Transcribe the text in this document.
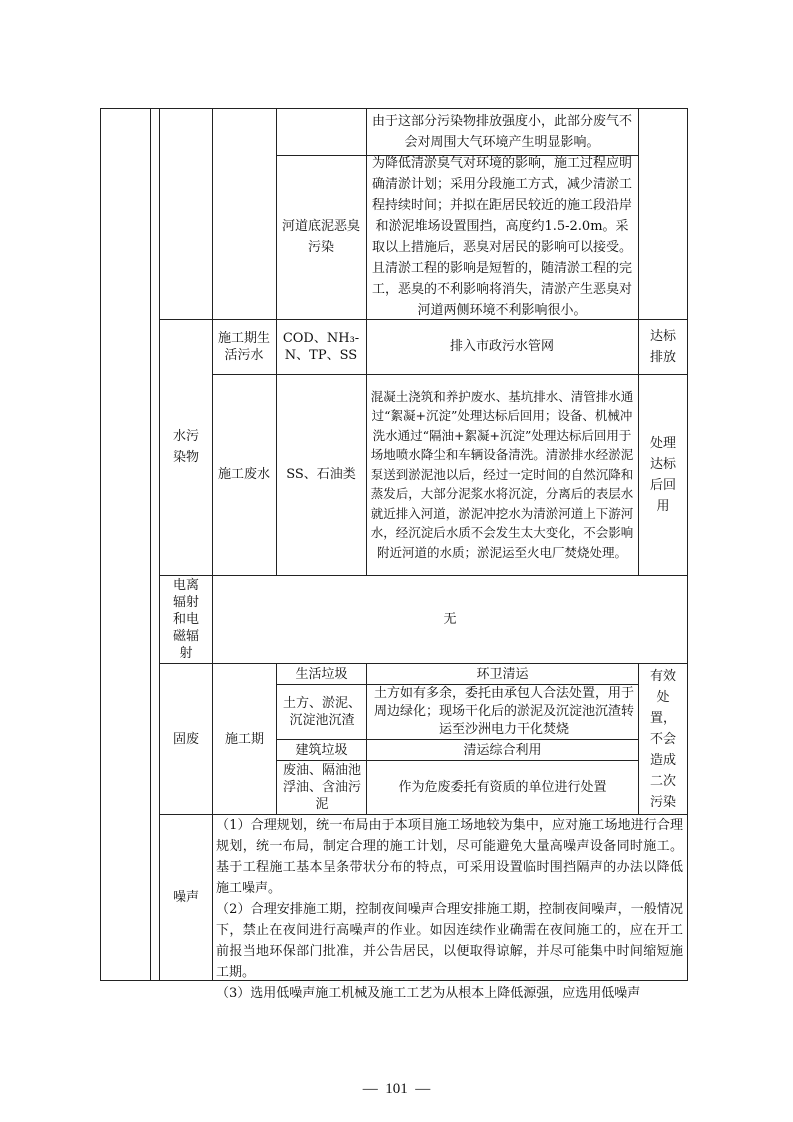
由于这部分污染物排放强度小，此部分废气不会对周围大气环境产生明显影响。
河道底泥恶臭污染
为降低清淤臭气对环境的影响，施工过程应明确清淤计划；采用分段施工方式，减少清淤工程持续时间；并拟在距居民较近的施工段沿岸和淤泥堆场设置围挡，高度约1.5-2.0m。采取以上措施后，恶臭对居民的影响可以接受。且清淤工程的影响是短暂的，随清淤工程的完工，恶臭的不利影响将消失，清淤产生恶臭对河道两侧环境不利影响很小。
水污染物
施工期生活污水
COD、NH₃-N、TP、SS
排入市政污水管网
达标排放
施工废水 SS、石油类
混凝土浇筑和养护废水、基坑排水、清管排水通过“絮凝+沉淀”处理达标后回用；设备、机械冲洗水通过“隔油+絮凝+沉淀”处理达标后回用于场地喷水降尘和车辆设备清洗。清淤排水经淤泥泵送到淤泥池以后，经过一定时间的自然沉降和蒸发后，大部分泥浆水将沉淀，分离后的表层水就近排入河道，淤泥冲挖水为清淤河道上下游河水，经沉淀后水质不会发生太大变化，不会影响附近河道的水质；淤泥运至火电厂焚烧处理。
处理达标后回用
电离辐射和电磁辐射
无
固废 施工期
生活垃圾	环卫清运
土方、淤泥、沉淀池沉渣
土方如有多余，委托由承包人合法处置，用于周边绿化；现场干化后的淤泥及沉淀池沉渣转运至沙洲电力干化焚烧
建筑垃圾	清运综合利用
废油、隔油池浮油、含油污泥
作为危废委托有资质的单位进行处置
有效处置，不会造成二次污染
噪声
（1）合理规划，统一布局由于本项目施工场地较为集中，应对施工场地进行合理规划，统一布局，制定合理的施工计划，尽可能避免大量高噪声设备同时施工。基于工程施工基本呈条带状分布的特点，可采用设置临时围挡隔声的办法以降低施工噪声。
（2）合理安排施工期，控制夜间噪声合理安排施工期，控制夜间噪声，一般情况下，禁止在夜间进行高噪声的作业。如因连续作业确需在夜间施工的，应在开工前报当地环保部门批准，并公告居民，以便取得谅解，并尽可能集中时间缩短施工期。
（3）选用低噪声施工机械及施工工艺为从根本上降低源强，应选用低噪声
—  101  —
